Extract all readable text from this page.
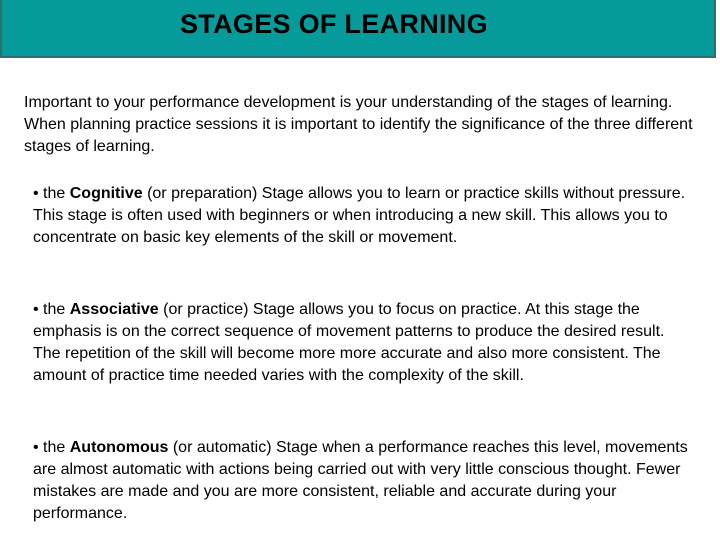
STAGES OF LEARNING
Important to your performance development is your understanding of the stages of learning. When planning practice sessions it is important to identify the significance of the three different stages of learning.
• the Cognitive (or preparation) Stage allows you to learn or practice skills without pressure. This stage is often used with beginners or when introducing a new skill. This allows you to concentrate on basic key elements of the skill or movement.
• the Associative (or practice) Stage allows you to focus on practice. At this stage the emphasis is on the correct sequence of movement patterns to produce the desired result. The repetition of the skill will become more more accurate and also more consistent. The amount of practice time needed varies with the complexity of the skill.
• the Autonomous (or automatic) Stage when a performance reaches this level, movements are almost automatic with actions being carried out with very little conscious thought. Fewer mistakes are made and you are more consistent, reliable and accurate during your performance.
